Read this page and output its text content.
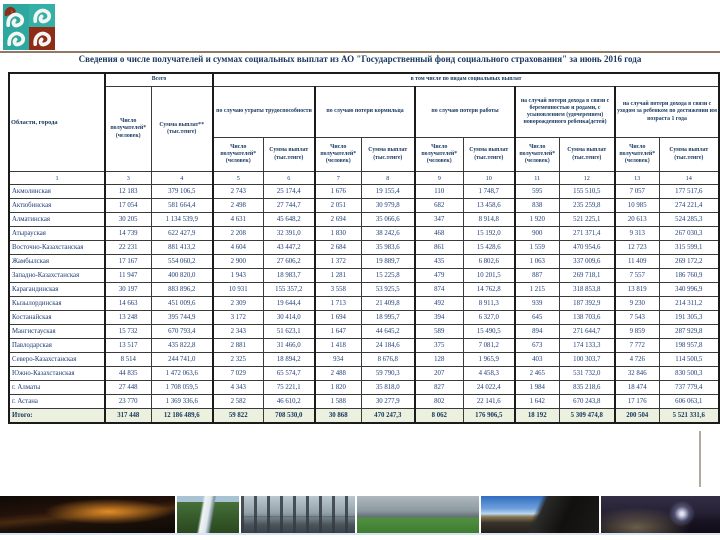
Сведения о числе получателей и суммах социальных выплат из АО "Государственный фонд социального страхования" за июнь 2016 года
Области, города	Всего		в том числе по видам социальных выплат									
	Число получателей* (человек)	Сумма выплат** (тыс.тенге)	по случаю утраты трудоспособности		по случаю потери кормильца		по случаю потери работы		на случай потери дохода в связи с беременностью и родами, с усыновлением (удочерением) новорожденного ребенка(детей)		на случай потери дохода в связи с уходом за ребенком по достижении им возраста 1 года	
			Число получателей* (человек)	Сумма выплат (тыс.тенге)	Число получателей* (человек)	Сумма выплат (тыс.тенге)	Число получателей* (человек)	Сумма выплат (тыс.тенге)	Число получателей* (человек)	Сумма выплат (тыс.тенге)	Число получателей* (человек)	Сумма выплат (тыс.тенге)
1	3	4	5	6	7	8	9	10	11	12	13	14
Акмолинская	12 183	379 106,5	2 743	25 174,4	1 676	19 155,4	110	1 748,7	595	155 510,5	7 057	177 517,6
Актюбинская	17 054	581 664,4	2 498	27 744,7	2 051	30 979,8	682	13 458,6	838	235 259,8	10 985	274 221,4
Алматинская	30 205	1 134 539,9	4 631	45 648,2	2 694	35 066,6	347	8 914,8	1 920	521 225,1	20 613	524 285,3
Атырауская	14 739	622 427,9	2 208	32 391,0	1 830	38 242,6	468	15 192,0	900	271 371,4	9 313	267 030,3
Восточно-Казахстанская	22 231	881 413,2	4 604	43 447,2	2 684	35 983,6	861	15 428,6	1 559	470 954,6	12 723	315 599,1
Жамбылская	17 167	554 060,2	2 900	27 606,2	1 372	19 889,7	435	6 802,6	1 063	337 009,6	11 409	269 172,2
Западно-Казахстанская	11 947	400 820,0	1 943	18 983,7	1 281	15 225,8	479	10 201,5	887	269 718,1	7 557	186 760,9
Карагандинская	30 197	883 896,2	10 931	155 357,2	3 558	53 925,5	874	14 762,8	1 215	318 853,8	13 819	340 996,9
Кызылординская	14 663	451 009,6	2 309	19 644,4	1 713	21 409,8	492	8 911,3	939	187 392,9	9 230	214 311,2
Костанайская	13 248	395 744,9	3 172	30 414,0	1 694	18 995,7	394	6 327,0	645	138 703,6	7 543	191 305,3
Мангистауская	15 732	670 793,4	2 343	51 623,1	1 647	44 645,2	589	15 490,5	894	271 644,7	9 859	287 929,8
Павлодарская	13 517	435 822,8	2 881	31 466,0	1 418	24 184,6	375	7 081,2	673	174 133,3	7 772	198 957,8
Северо-Казахстанская	8 514	244 741,0	2 325	18 894,2	934	8 676,8	128	1 965,9	403	100 303,7	4 726	114 500,5
Южно-Казахстанская	44 835	1 472 063,6	7 029	65 574,7	2 488	59 790,3	207	4 458,3	2 465	531 732,0	32 846	830 500,3
г. Алматы	27 448	1 708 059,5	4 343	75 221,1	1 820	35 818,0	827	24 022,4	1 984	835 218,6	18 474	737 779,4
г. Астана	23 770	1 369 336,6	2 582	46 610,2	1 588	30 277,9	802	22 141,6	1 642	670 243,8	17 176	606 063,1
Итого:	317 448	12 186 489,6	59 822	708 530,0	30 868	470 247,3	8 062	176 906,5	18 192	5 309 474,8	200 504	5 521 331,6
